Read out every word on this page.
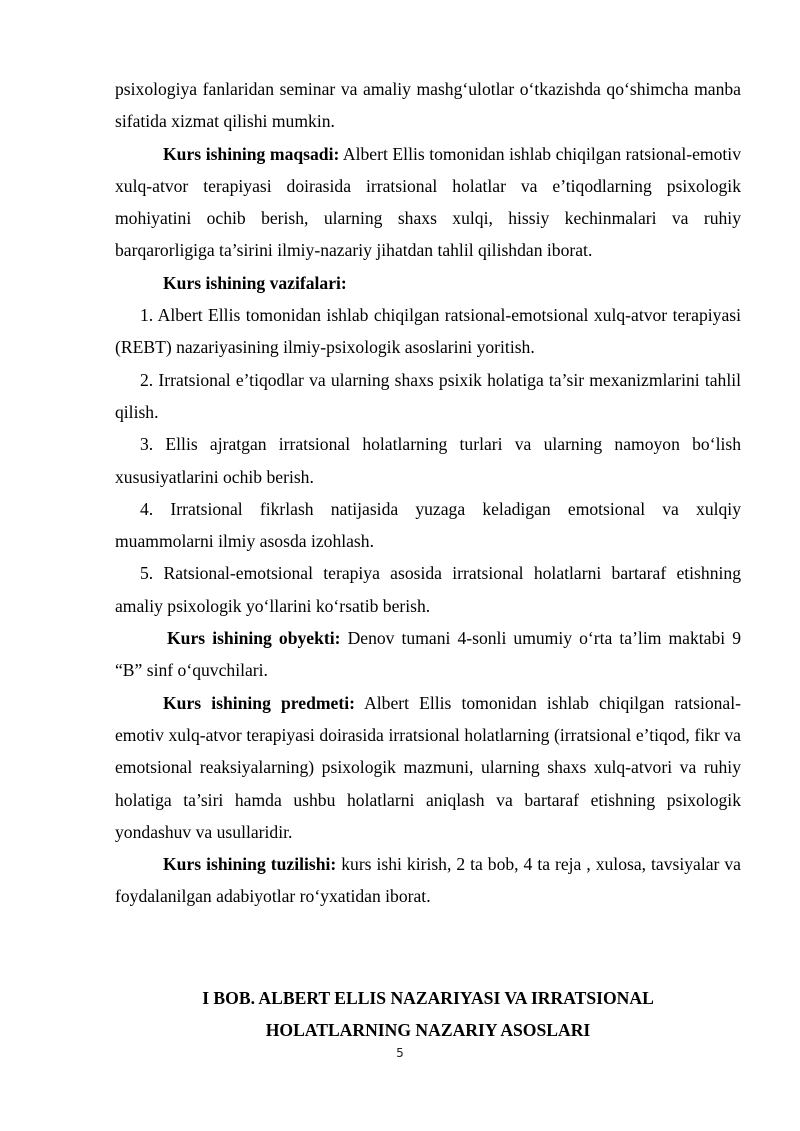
psixologiya fanlaridan seminar va amaliy mashg‘ulotlar o‘tkazishda qo‘shimcha manba sifatida xizmat qilishi mumkin.

Kurs ishining maqsadi: Albert Ellis tomonidan ishlab chiqilgan ratsional-emotiv xulq-atvor terapiyasi doirasida irratsional holatlar va e’tiqodlarning psixologik mohiyatini ochib berish, ularning shaxs xulqi, hissiy kechinmalari va ruhiy barqarorligiga ta’sirini ilmiy-nazariy jihatdan tahlil qilishdan iborat.

Kurs ishining vazifalari:

1. Albert Ellis tomonidan ishlab chiqilgan ratsional-emotsional xulq-atvor terapiyasi (REBT) nazariyasining ilmiy-psixologik asoslarini yoritish.

2. Irratsional e’tiqodlar va ularning shaxs psixik holatiga ta’sir mexanizmlarini tahlil qilish.

3. Ellis ajratgan irratsional holatlarning turlari va ularning namoyon bo‘lish xususiyatlarini ochib berish.

4. Irratsional fikrlash natijasida yuzaga keladigan emotsional va xulqiy muammolarni ilmiy asosda izohlash.

5. Ratsional-emotsional terapiya asosida irratsional holatlarni bartaraf etishning amaliy psixologik yo‘llarini ko‘rsatib berish.

Kurs ishining obyekti: Denov tumani 4-sonli umumiy o‘rta ta’lim maktabi 9 “B” sinf o‘quvchilari.

Kurs ishining predmeti: Albert Ellis tomonidan ishlab chiqilgan ratsional-emotiv xulq-atvor terapiyasi doirasida irratsional holatlarning (irratsional e’tiqod, fikr va emotsional reaksiyalarning) psixologik mazmuni, ularning shaxs xulq-atvori va ruhiy holatiga ta’siri hamda ushbu holatlarni aniqlash va bartaraf etishning psixologik yondashuv va usullaridir.

Kurs ishining tuzilishi: kurs ishi kirish, 2 ta bob, 4 ta reja , xulosa, tavsiyalar va foydalanilgan adabiyotlar ro‘yxatidan iborat.

I BOB. ALBERT ELLIS NAZARIYASI VA IRRATSIONAL
HOLATLARNING NAZARIY ASOSLARI
5
